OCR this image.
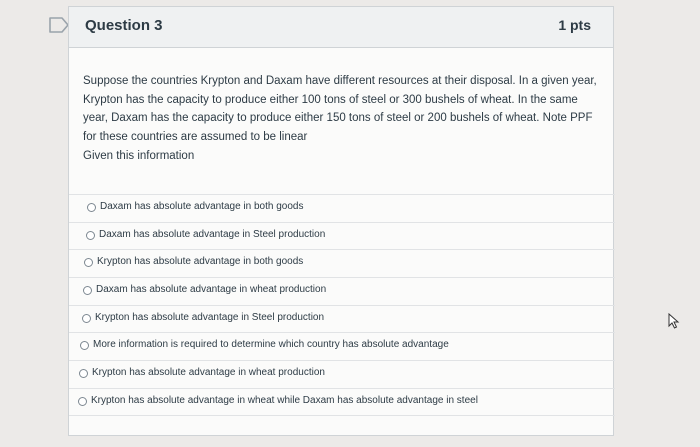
Question 3	1 pts
Suppose the countries Krypton and Daxam have different resources at their disposal. In a given year, Krypton has the capacity to produce either 100 tons of steel or 300 bushels of wheat. In the same year, Daxam has the capacity to produce either 150 tons of steel or 200 bushels of wheat. Note PPF for these countries are assumed to be linear
Given this information
Daxam has absolute advantage in both goods
Daxam has absolute advantage in Steel production
Krypton has absolute advantage in both goods
Daxam has absolute advantage in wheat production
Krypton has absolute advantage in Steel production
More information is required to determine which country has absolute advantage
Krypton has absolute advantage in wheat production
Krypton has absolute advantage in wheat while Daxam has absolute advantage in steel
